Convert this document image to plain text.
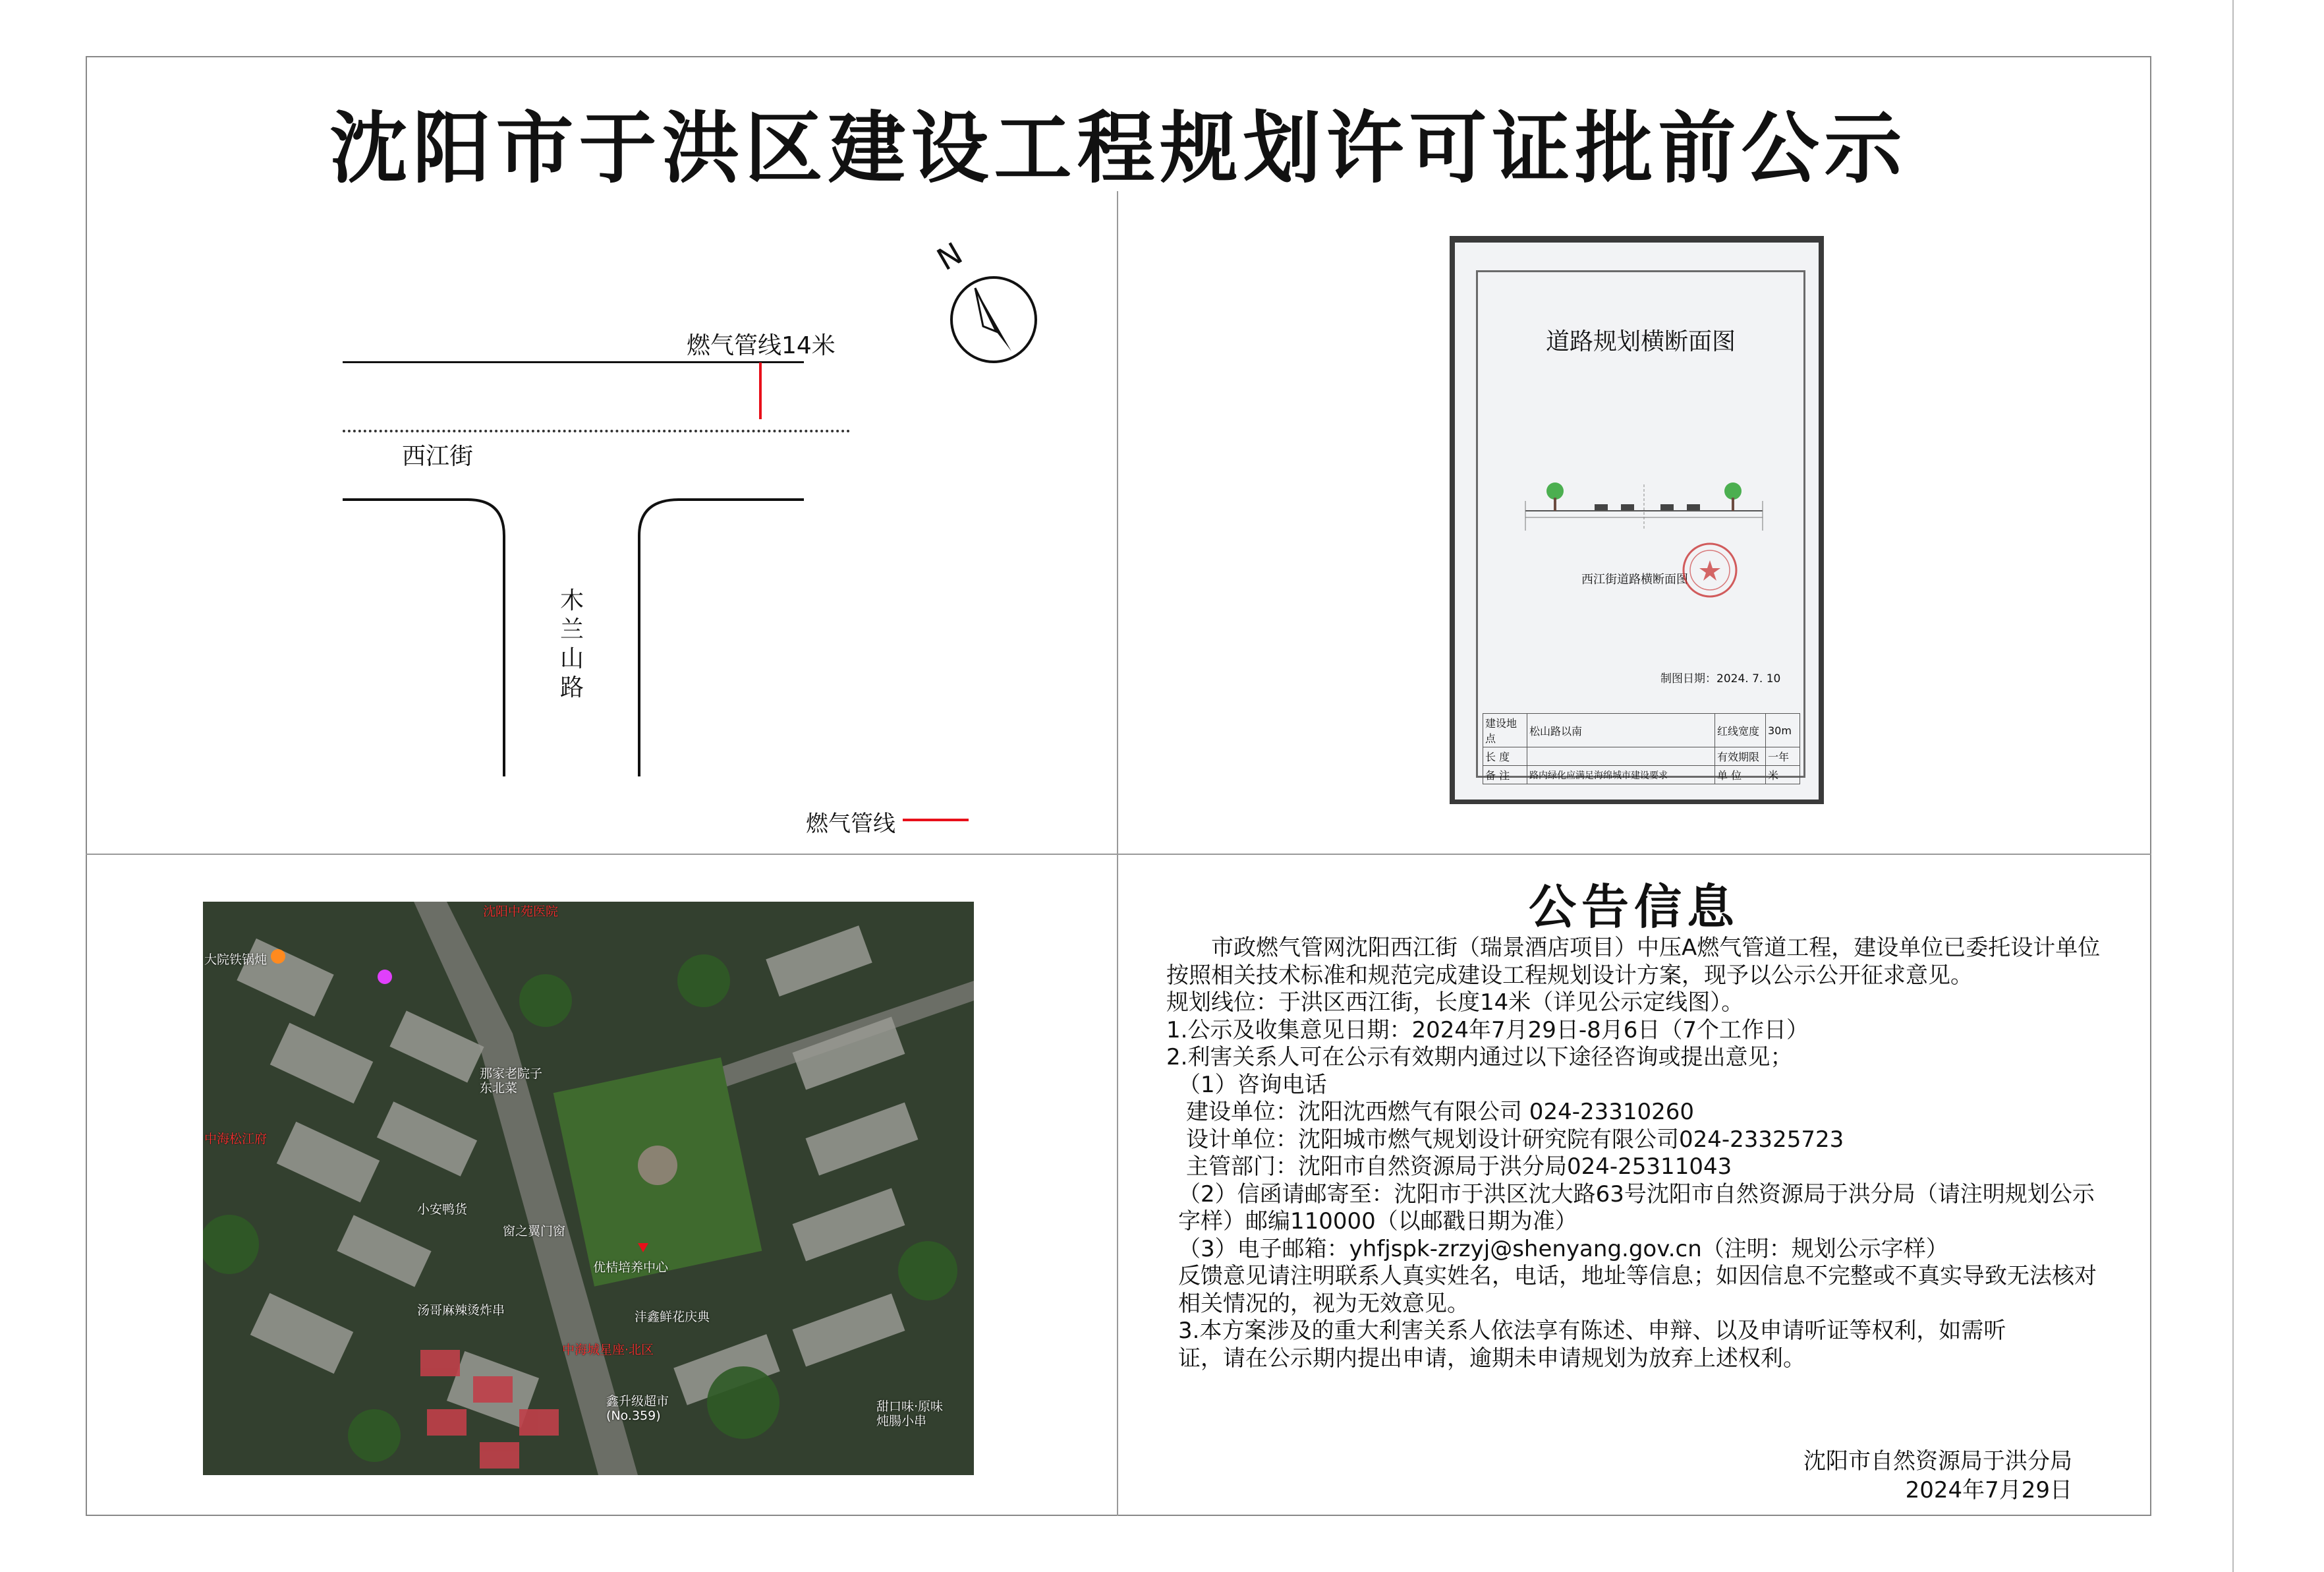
沈阳市于洪区建设工程规划许可证批前公示
N
燃气管线14米
西江街
木
兰
山
路
燃气管线
道路规划横断面图
西江街道路横断面图
制图日期：2024. 7. 10
建设地点	松山路以南	红线宽度	30m
长 度		有效期限	一年
备 注	路内绿化应满足海绵城市建设要求	单 位	米
沈阳中苑医院
中海松江府
中海城星座·北区
大院铁锅炖
那家老院子
东北菜
小安鸭货
窗之翼门窗
优桔培养中心
汤哥麻辣烫炸串	沣鑫鲜花庆典
鑫升级超市
(No.359)
甜口味·原味
炖腸小串
公告信息

市政燃气管网沈阳西江街（瑞景酒店项目）中压A燃气管道工程，建设单位已委托设计单位按照相关技术标准和规范完成建设工程规划设计方案，现予以公示公开征求意见。

规划线位：于洪区西江街，长度14米（详见公示定线图）。

1.公示及收集意见日期：2024年7月29日-8月6日（7个工作日）

2.利害关系人可在公示有效期内通过以下途径咨询或提出意见；

（1）咨询电话

建设单位：沈阳沈西燃气有限公司 024-23310260

设计单位：沈阳城市燃气规划设计研究院有限公司024-23325723

主管部门：沈阳市自然资源局于洪分局024-25311043

（2）信函请邮寄至：沈阳市于洪区沈大路63号沈阳市自然资源局于洪分局（请注明规划公示字样）邮编110000（以邮戳日期为准）

（3）电子邮箱：yhfjspk-zrzyj@shenyang.gov.cn（注明：规划公示字样）

反馈意见请注明联系人真实姓名，电话，地址等信息；如因信息不完整或不真实导致无法核对相关情况的，视为无效意见。

3.本方案涉及的重大利害关系人依法享有陈述、申辩、以及申请听证等权利，如需听证，请在公示期内提出申请，逾期未申请规划为放弃上述权利。

沈阳市自然资源局于洪分局
2024年7月29日
